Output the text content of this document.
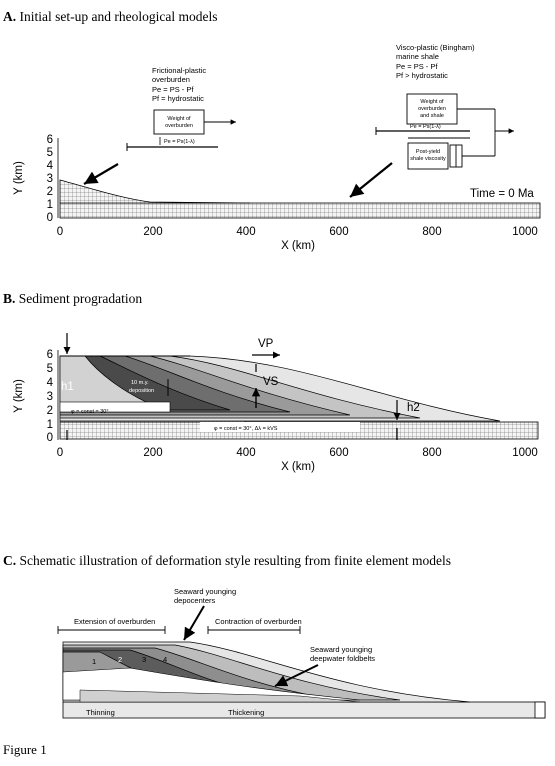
A. Initial set-up and rheological models
B. Sediment progradation
C. Schematic illustration of deformation style resulting from finite element models
0
1
2
3
4
5
6
Y (km)
0	200	400	600	800	1000
X (km)
Time = 0 Ma
Frictional-plastic
overburden
Pe = PS - Pf
Pf = hydrostatic
Weight of
overburden
Pe = Ps(1-λ)
Visco-plastic (Bingham)
marine shale
Pe = PS - Pf
Pf > hydrostatic
Weight of
overburden
and shale
Pe = Ps(1-λ)
Post-yield
shale viscosity
0
1
2
3
4
5
6
Y (km)
0	200	400	600	800	1000
X (km)
h1
VP
VS
10 m.y.
deposition
φ = const = 30°
φ = const = 30°, Δλ = kVS
h2
1	2	3 4
Seaward younging
depocenters
Extension of overburden	Contraction of overburden
Seaward younging
deepwater foldbelts
Thinning	Thickening
Figure 1
